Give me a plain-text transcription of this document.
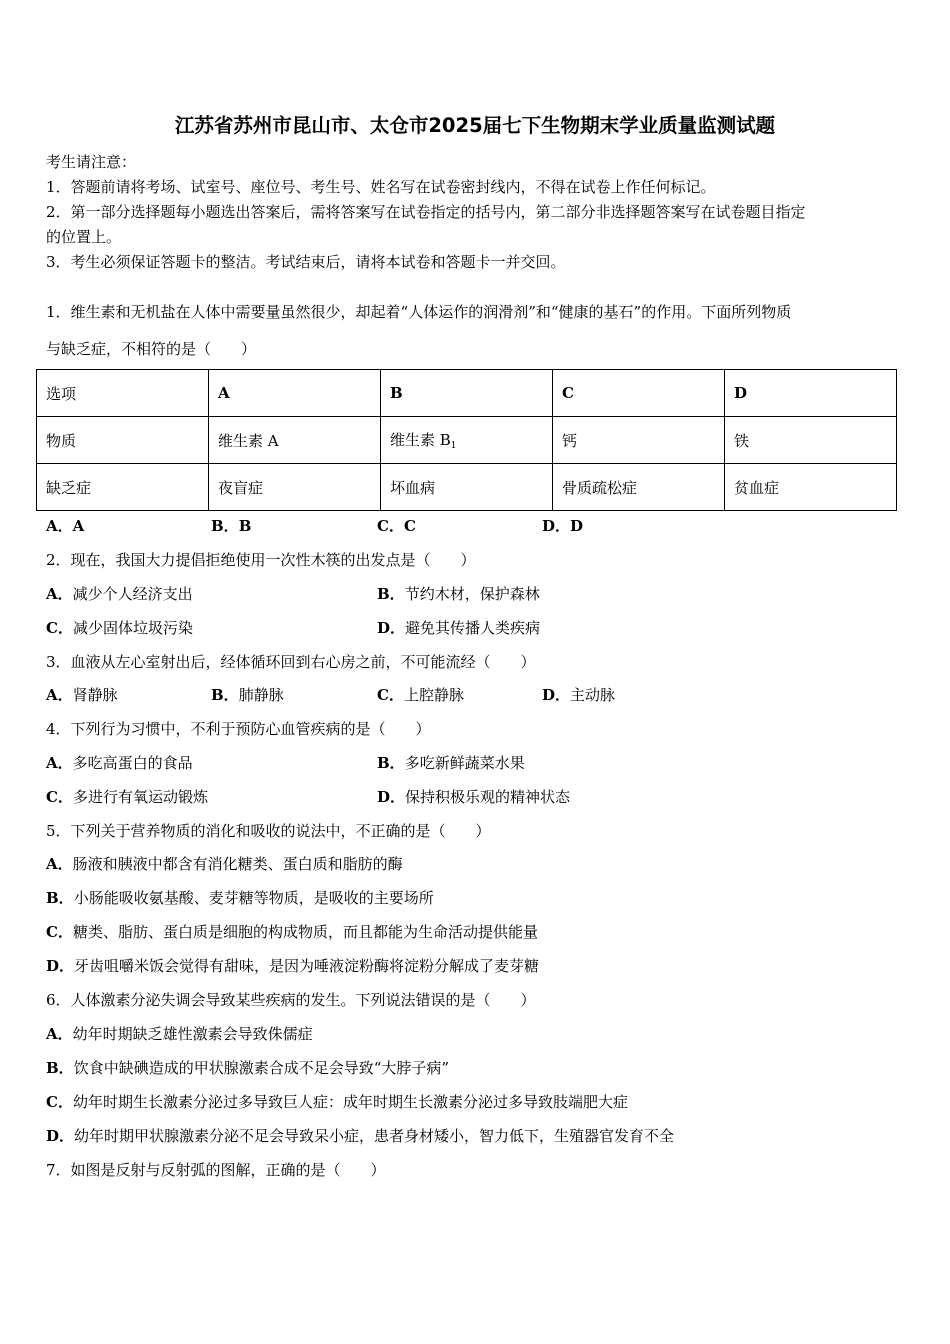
江苏省苏州市昆山市、太仓市2025届七下生物期末学业质量监测试题
考生请注意：
1．答题前请将考场、试室号、座位号、考生号、姓名写在试卷密封线内，不得在试卷上作任何标记。
2．第一部分选择题每小题选出答案后，需将答案写在试卷指定的括号内，第二部分非选择题答案写在试卷题目指定
的位置上。
3．考生必须保证答题卡的整洁。考试结束后，请将本试卷和答题卡一并交回。
1．维生素和无机盐在人体中需要量虽然很少，却起着“人体运作的润滑剂”和“健康的基石”的作用。下面所列物质
与缺乏症，不相符的是（　　）
选项	A	B	C	D
物质	维生素 A	维生素 $B_1$	钙	铁
缺乏症	夜盲症	坏血病	骨质疏松症	贫血症
A．A	B．B	C．C	D．D
2．现在，我国大力提倡拒绝使用一次性木筷的出发点是（　　）
A．减少个人经济支出	B．节约木材，保护森林
C．减少固体垃圾污染	D．避免其传播人类疾病
3．血液从左心室射出后，经体循环回到右心房之前，不可能流经（　　）
A．肾静脉	B．肺静脉	C．上腔静脉	D．主动脉
4．下列行为习惯中，不利于预防心血管疾病的是（　　）
A．多吃高蛋白的食品	B．多吃新鲜蔬菜水果
C．多进行有氧运动锻炼	D．保持积极乐观的精神状态
5．下列关于营养物质的消化和吸收的说法中，不正确的是（　　）
A．肠液和胰液中都含有消化糖类、蛋白质和脂肪的酶
B．小肠能吸收氨基酸、麦芽糖等物质，是吸收的主要场所
C．糖类、脂肪、蛋白质是细胞的构成物质，而且都能为生命活动提供能量
D．牙齿咀嚼米饭会觉得有甜味，是因为唾液淀粉酶将淀粉分解成了麦芽糖
6．人体激素分泌失调会导致某些疾病的发生。下列说法错误的是（　　）
A．幼年时期缺乏雄性激素会导致侏儒症
B．饮食中缺碘造成的甲状腺激素合成不足会导致“大脖子病”
C．幼年时期生长激素分泌过多导致巨人症：成年时期生长激素分泌过多导致肢端肥大症
D．幼年时期甲状腺激素分泌不足会导致呆小症，患者身材矮小，智力低下，生殖器官发育不全
7．如图是反射与反射弧的图解，正确的是（　　）
